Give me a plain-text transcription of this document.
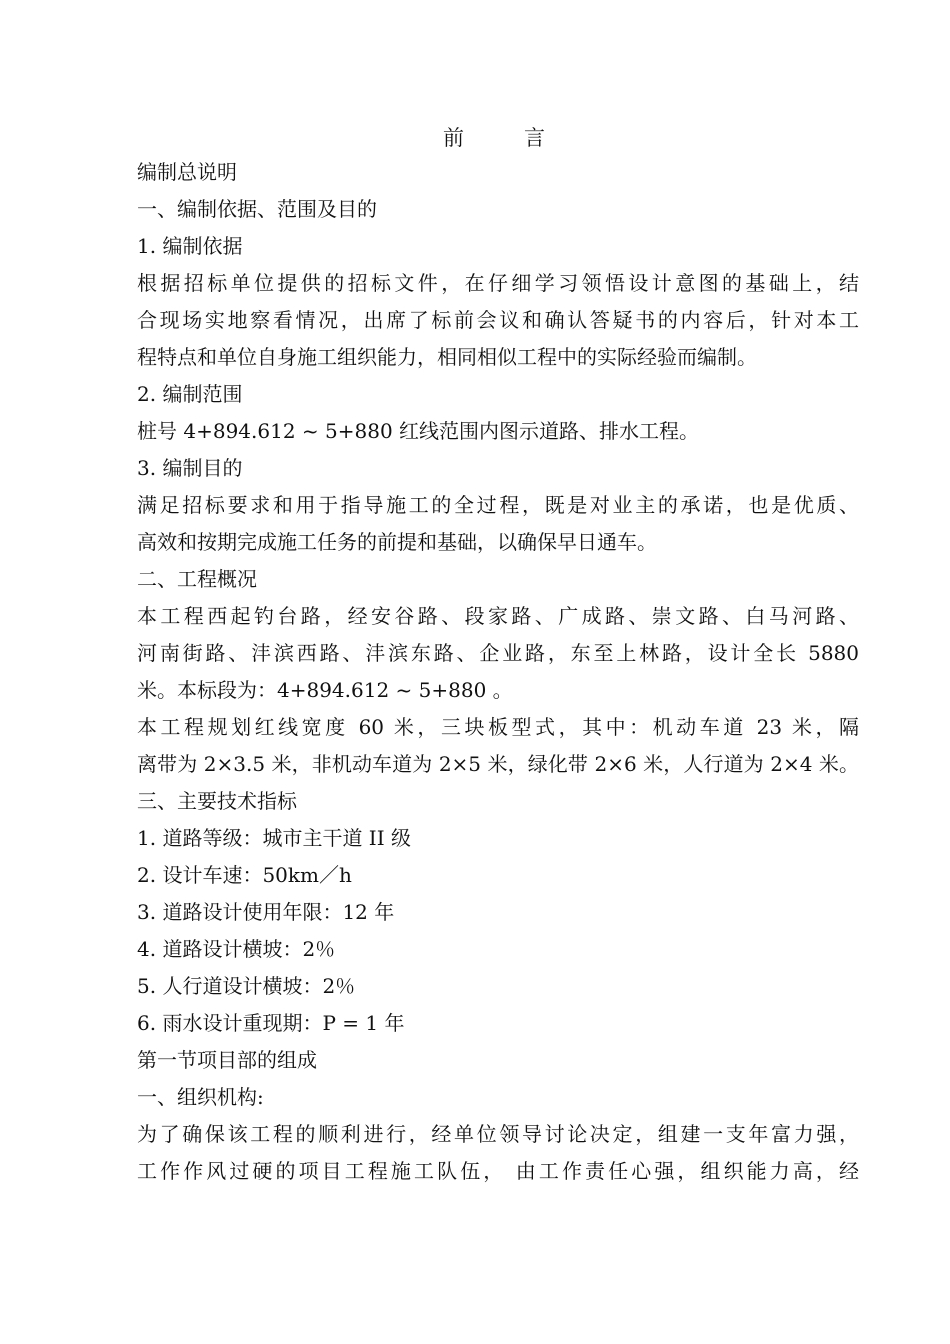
前	言
编制总说明
一、编制依据、范围及目的
1. 编制依据
根据招标单位提供的招标文件，在仔细学习领悟设计意图的基础上，结
合现场实地察看情况，出席了标前会议和确认答疑书的内容后，针对本工
程特点和单位自身施工组织能力，相同相似工程中的实际经验而编制。
2. 编制范围
桩号 4+894.612 ~ 5+880 红线范围内图示道路、排水工程。
3. 编制目的
满足招标要求和用于指导施工的全过程，既是对业主的承诺，也是优质、
高效和按期完成施工任务的前提和基础，以确保早日通车。
二、工程概况
本工程西起钓台路，经安谷路、段家路、广成路、崇文路、白马河路、
河南街路、沣滨西路、沣滨东路、企业路，东至上林路，设计全长 5880
米。本标段为：4+894.612 ~ 5+880 。
本工程规划红线宽度 60 米，三块板型式，其中：机动车道 23 米，隔
离带为 2×3.5 米，非机动车道为 2×5 米，绿化带 2×6 米，人行道为 2×4 米。
三、主要技术指标
1. 道路等级：城市主干道 II 级
2. 设计车速：50km／h
3. 道路设计使用年限：12 年
4. 道路设计横坡：2％
5. 人行道设计横坡：2％
6. 雨水设计重现期：P = 1 年
第一节项目部的组成
一、组织机构:
为了确保该工程的顺利进行，经单位领导讨论决定，组建一支年富力强，
工作作风过硬的项目工程施工队伍， 由工作责任心强，组织能力高，经
